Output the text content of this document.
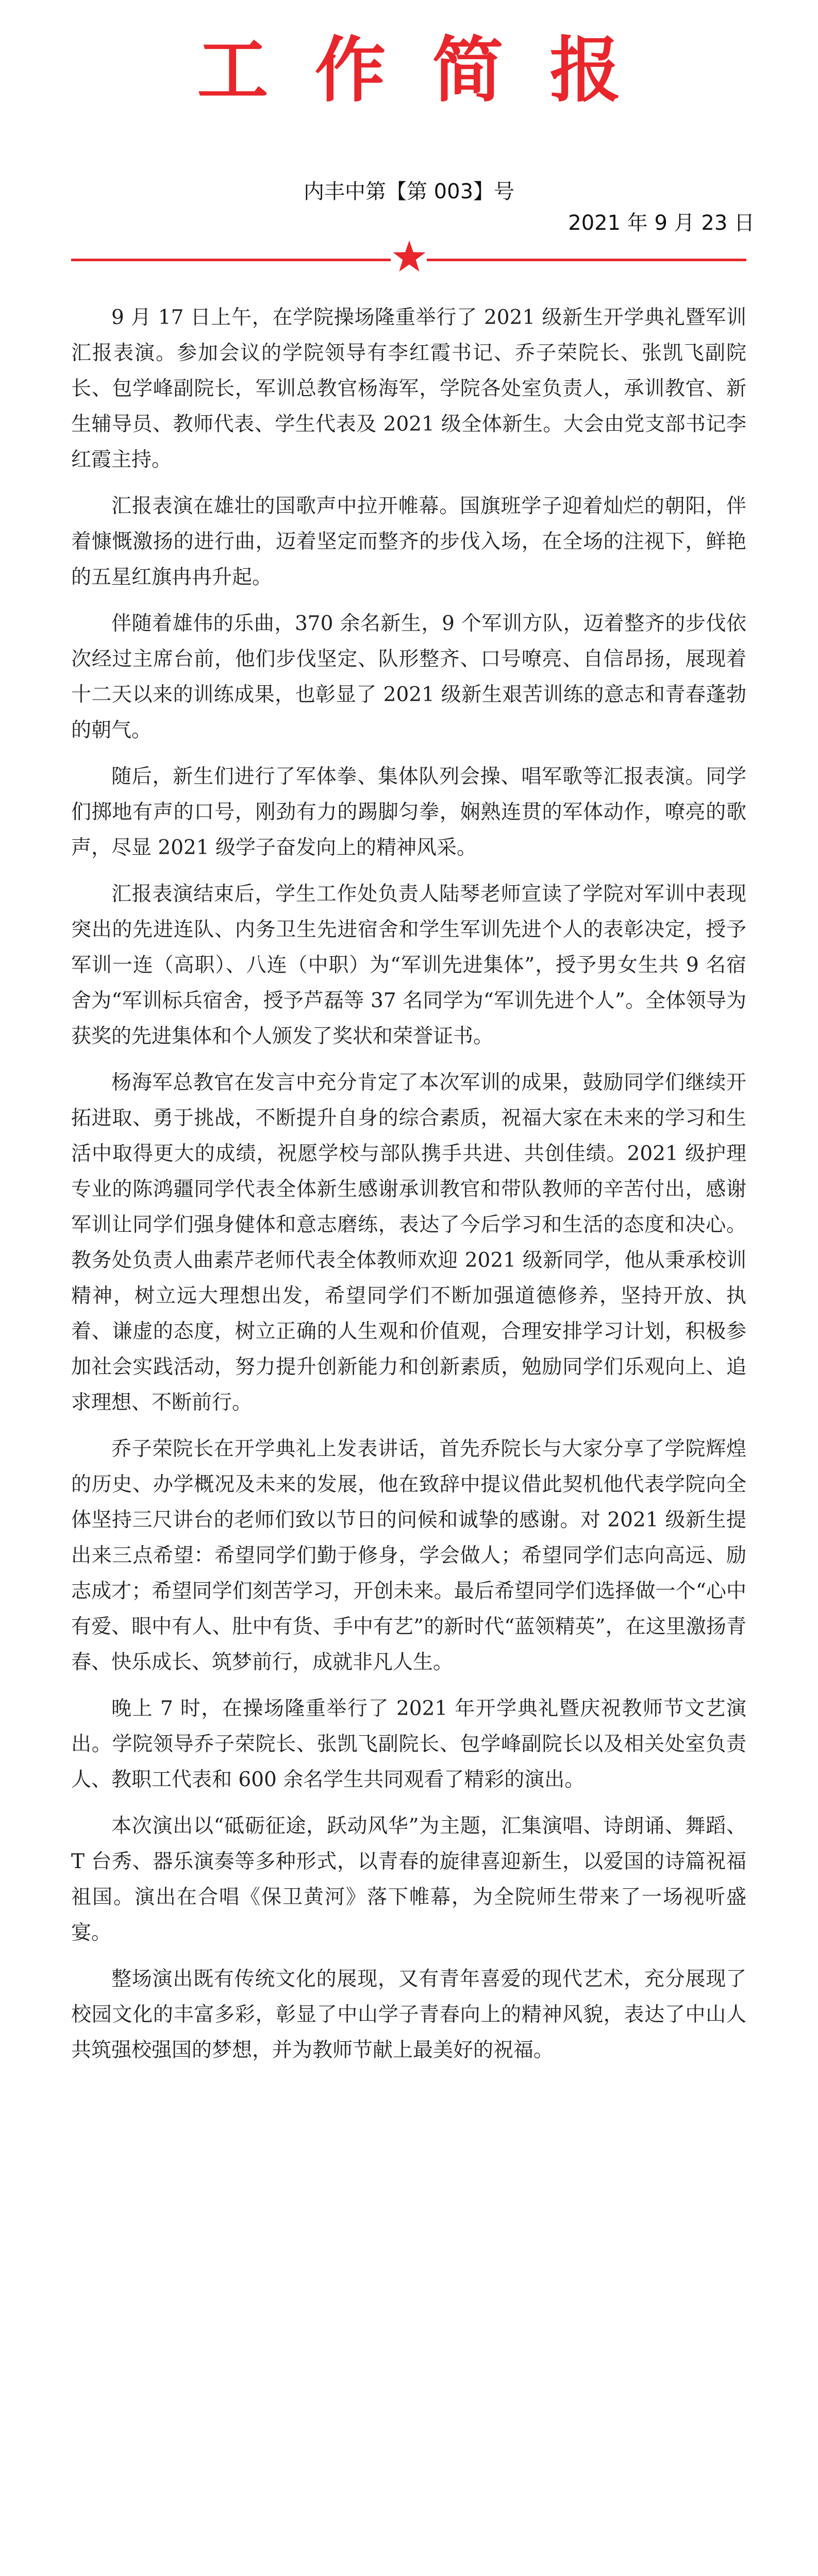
工作简报
内丰中第【第 003】号
2021 年 9 月 23 日

9 月 17 日上午，在学院操场隆重举行了 2021 级新生开学典礼暨军训汇报表演。参加会议的学院领导有李红霞书记、乔子荣院长、张凯飞副院长、包学峰副院长，军训总教官杨海军，学院各处室负责人，承训教官、新生辅导员、教师代表、学生代表及 2021 级全体新生。大会由党支部书记李红霞主持。

汇报表演在雄壮的国歌声中拉开帷幕。国旗班学子迎着灿烂的朝阳，伴着慷慨激扬的进行曲，迈着坚定而整齐的步伐入场，在全场的注视下，鲜艳的五星红旗冉冉升起。

伴随着雄伟的乐曲，370 余名新生，9 个军训方队，迈着整齐的步伐依次经过主席台前，他们步伐坚定、队形整齐、口号嘹亮、自信昂扬，展现着十二天以来的训练成果，也彰显了 2021 级新生艰苦训练的意志和青春蓬勃的朝气。

随后，新生们进行了军体拳、集体队列会操、唱军歌等汇报表演。同学们掷地有声的口号，刚劲有力的踢脚匀拳，娴熟连贯的军体动作，嘹亮的歌声，尽显 2021 级学子奋发向上的精神风采。

汇报表演结束后，学生工作处负责人陆琴老师宣读了学院对军训中表现突出的先进连队、内务卫生先进宿舍和学生军训先进个人的表彰决定，授予军训一连（高职）、八连（中职）为“军训先进集体”，授予男女生共 9 名宿舍为“军训标兵宿舍，授予芦磊等 37 名同学为“军训先进个人”。全体领导为获奖的先进集体和个人颁发了奖状和荣誉证书。

杨海军总教官在发言中充分肯定了本次军训的成果，鼓励同学们继续开拓进取、勇于挑战，不断提升自身的综合素质，祝福大家在未来的学习和生活中取得更大的成绩，祝愿学校与部队携手共进、共创佳绩。2021 级护理专业的陈鸿疆同学代表全体新生感谢承训教官和带队教师的辛苦付出，感谢军训让同学们强身健体和意志磨练，表达了今后学习和生活的态度和决心。教务处负责人曲素芹老师代表全体教师欢迎 2021 级新同学，他从秉承校训精神，树立远大理想出发，希望同学们不断加强道德修养，坚持开放、执着、谦虚的态度，树立正确的人生观和价值观，合理安排学习计划，积极参加社会实践活动，努力提升创新能力和创新素质，勉励同学们乐观向上、追求理想、不断前行。

乔子荣院长在开学典礼上发表讲话，首先乔院长与大家分享了学院辉煌的历史、办学概况及未来的发展，他在致辞中提议借此契机他代表学院向全体坚持三尺讲台的老师们致以节日的问候和诚挚的感谢。对 2021 级新生提出来三点希望：希望同学们勤于修身，学会做人；希望同学们志向高远、励志成才；希望同学们刻苦学习，开创未来。最后希望同学们选择做一个“心中有爱、眼中有人、肚中有货、手中有艺”的新时代“蓝领精英”，在这里激扬青春、快乐成长、筑梦前行，成就非凡人生。

晚上 7 时，在操场隆重举行了 2021 年开学典礼暨庆祝教师节文艺演出。学院领导乔子荣院长、张凯飞副院长、包学峰副院长以及相关处室负责人、教职工代表和 600 余名学生共同观看了精彩的演出。

本次演出以“砥砺征途，跃动风华”为主题，汇集演唱、诗朗诵、舞蹈、T 台秀、器乐演奏等多种形式，以青春的旋律喜迎新生，以爱国的诗篇祝福祖国。演出在合唱《保卫黄河》落下帷幕，为全院师生带来了一场视听盛宴。

整场演出既有传统文化的展现，又有青年喜爱的现代艺术，充分展现了校园文化的丰富多彩，彰显了中山学子青春向上的精神风貌，表达了中山人共筑强校强国的梦想，并为教师节献上最美好的祝福。
